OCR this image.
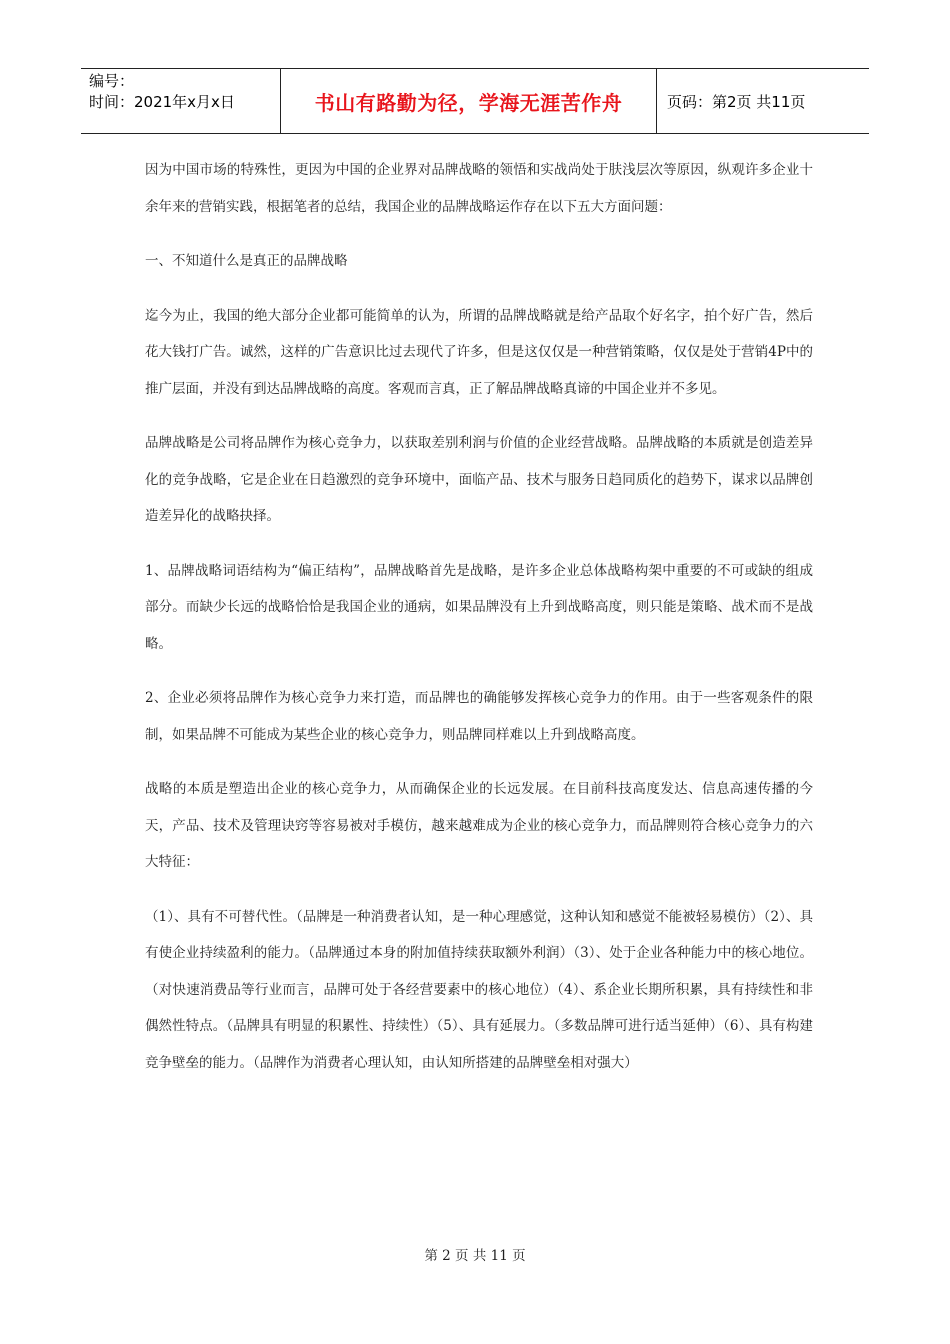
编号：
时间：2021年x月x日	书山有路勤为径，学海无涯苦作舟	页码：第2页 共11页

因为中国市场的特殊性，更因为中国的企业界对品牌战略的领悟和实战尚处于肤浅层次等原因，纵观许多企业十余年来的营销实践，根据笔者的总结，我国企业的品牌战略运作存在以下五大方面问题：

一、不知道什么是真正的品牌战略

迄今为止，我国的绝大部分企业都可能简单的认为，所谓的品牌战略就是给产品取个好名字，拍个好广告，然后花大钱打广告。诚然，这样的广告意识比过去现代了许多，但是这仅仅是一种营销策略，仅仅是处于营销4P中的推广层面，并没有到达品牌战略的高度。客观而言真，正了解品牌战略真谛的中国企业并不多见。

品牌战略是公司将品牌作为核心竞争力，以获取差别利润与价值的企业经营战略。品牌战略的本质就是创造差异化的竞争战略，它是企业在日趋激烈的竞争环境中，面临产品、技术与服务日趋同质化的趋势下，谋求以品牌创造差异化的战略抉择。

1、品牌战略词语结构为“偏正结构”，品牌战略首先是战略，是许多企业总体战略构架中重要的不可或缺的组成部分。而缺少长远的战略恰恰是我国企业的通病，如果品牌没有上升到战略高度，则只能是策略、战术而不是战略。

2、企业必须将品牌作为核心竞争力来打造，而品牌也的确能够发挥核心竞争力的作用。由于一些客观条件的限制，如果品牌不可能成为某些企业的核心竞争力，则品牌同样难以上升到战略高度。

战略的本质是塑造出企业的核心竞争力，从而确保企业的长远发展。在目前科技高度发达、信息高速传播的今天，产品、技术及管理诀窍等容易被对手模仿，越来越难成为企业的核心竞争力，而品牌则符合核心竞争力的六大特征：

（1）、具有不可替代性。（品牌是一种消费者认知，是一种心理感觉，这种认知和感觉不能被轻易模仿）（2）、具有使企业持续盈利的能力。（品牌通过本身的附加值持续获取额外利润）（3）、处于企业各种能力中的核心地位。（对快速消费品等行业而言，品牌可处于各经营要素中的核心地位）（4）、系企业长期所积累，具有持续性和非偶然性特点。（品牌具有明显的积累性、持续性）（5）、具有延展力。（多数品牌可进行适当延伸）（6）、具有构建竞争壁垒的能力。（品牌作为消费者心理认知，由认知所搭建的品牌壁垒相对强大）

第 2 页 共 11 页
